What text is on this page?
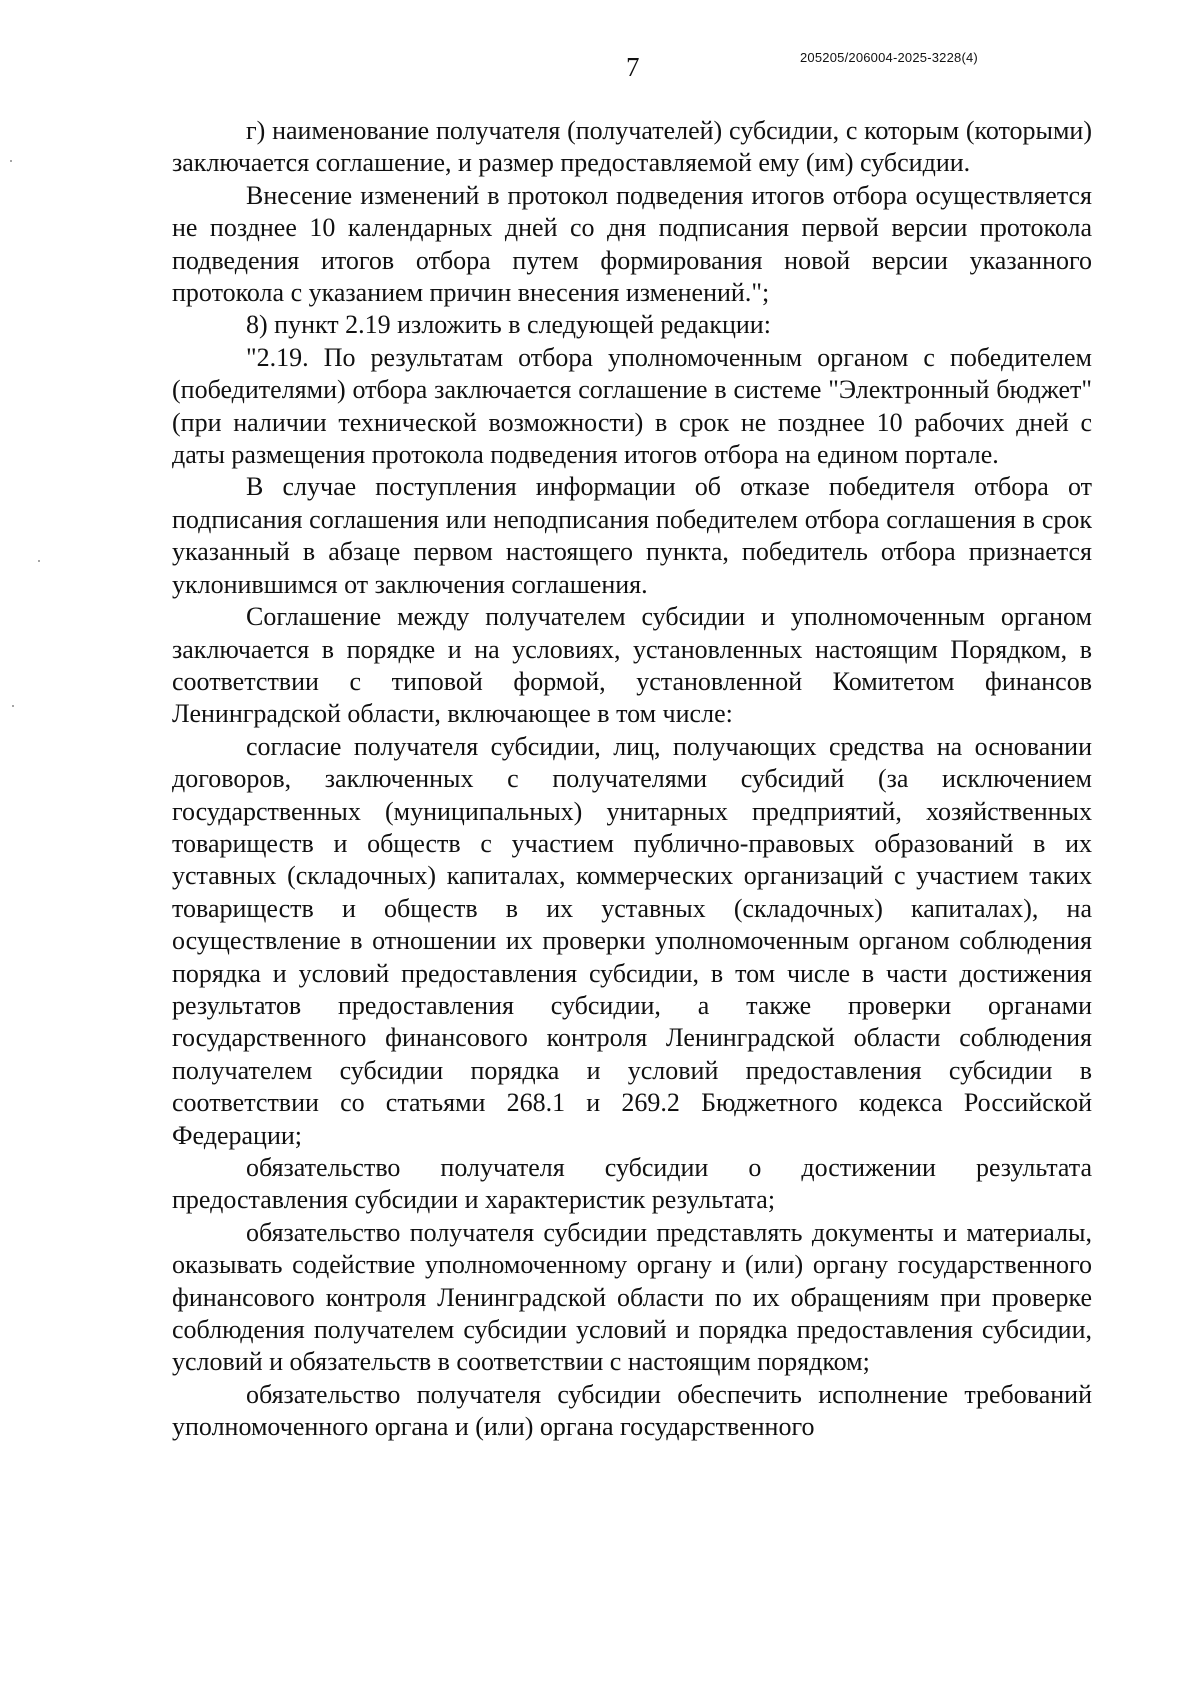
7	205205/206004-2025-3228(4)

г) наименование получателя (получателей) субсидии, с которым (которыми) заключается соглашение, и размер предоставляемой ему (им) субсидии.

Внесение изменений в протокол подведения итогов отбора осуществляется не позднее 10 календарных дней со дня подписания первой версии протокола подведения итогов отбора путем формирования новой версии указанного протокола с указанием причин внесения изменений.";

8) пункт 2.19 изложить в следующей редакции:

"2.19. По результатам отбора уполномоченным органом с победителем (победителями) отбора заключается соглашение в системе "Электронный бюджет" (при наличии технической возможности) в срок не позднее 10 рабочих дней с даты размещения протокола подведения итогов отбора на едином портале.

В случае поступления информации об отказе победителя отбора от подписания соглашения или неподписания победителем отбора соглашения в срок указанный в абзаце первом настоящего пункта, победитель отбора признается уклонившимся от заключения соглашения.

Соглашение между получателем субсидии и уполномоченным органом заключается в порядке и на условиях, установленных настоящим Порядком, в соответствии с типовой формой, установленной Комитетом финансов Ленинградской области, включающее в том числе:

согласие получателя субсидии, лиц, получающих средства на основании договоров, заключенных с получателями субсидий (за исключением государственных (муниципальных) унитарных предприятий, хозяйственных товариществ и обществ с участием публично-правовых образований в их уставных (складочных) капиталах, коммерческих организаций с участием таких товариществ и обществ в их уставных (складочных) капиталах), на осуществление в отношении их проверки уполномоченным органом соблюдения порядка и условий предоставления субсидии, в том числе в части достижения результатов предоставления субсидии, а также проверки органами государственного финансового контроля Ленинградской области соблюдения получателем субсидии порядка и условий предоставления субсидии в соответствии со статьями 268.1 и 269.2 Бюджетного кодекса Российской Федерации;

обязательство получателя субсидии о достижении результата предоставления субсидии и характеристик результата;

обязательство получателя субсидии представлять документы и материалы, оказывать содействие уполномоченному органу и (или) органу государственного финансового контроля Ленинградской области по их обращениям при проверке соблюдения получателем субсидии условий и порядка предоставления субсидии, условий и обязательств в соответствии с настоящим порядком;

обязательство получателя субсидии обеспечить исполнение требований уполномоченного органа и (или) органа государственного
